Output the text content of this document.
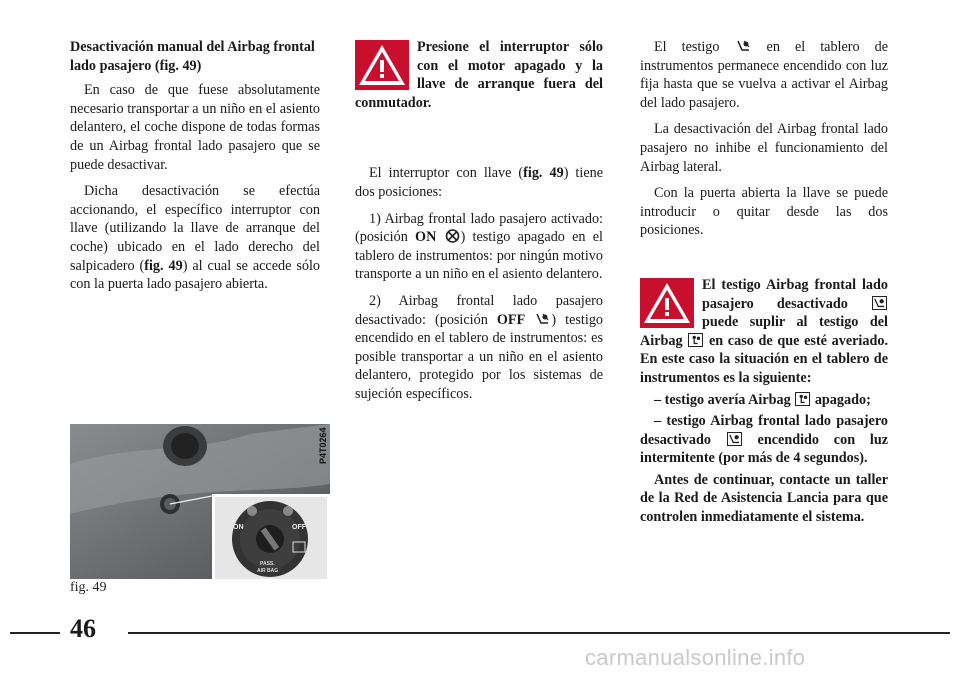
Desactivación manual del Airbag frontal lado pasajero (fig. 49)

En caso de que fuese absolutamente necesario transportar a un niño en el asiento delantero, el coche dispone de todas formas de un Airbag frontal lado pasajero que se puede desactivar.

Dicha desactivación se efectúa accionando, el específico interruptor con llave (utilizando la llave de arranque del coche) ubicado en el lado derecho del salpicadero (fig. 49) al cual se accede sólo con la puerta lado pasajero abierta.

Presione el interruptor sólo con el motor apagado y la llave de arranque fuera del conmutador.

El interruptor con llave (fig. 49) tiene dos posiciones:

1) Airbag frontal lado pasajero activado: (posición ON ) testigo apagado en el tablero de instrumentos: por ningún motivo transporte a un niño en el asiento delantero.

2) Airbag frontal lado pasajero desactivado: (posición OFF ) testigo encendido en el tablero de instrumentos: es posible transportar a un niño en el asiento delantero, protegido por los sistemas de sujeción específicos.

El testigo	en el tablero de instrumentos permanece encendido con luz fija hasta que se vuelva a activar el Airbag del lado pasajero.

La desactivación del Airbag frontal lado pasajero no inhibe el funcionamiento del Airbag lateral.

Con la puerta abierta la llave se puede introducir o quitar desde las dos posiciones.

El testigo Airbag frontal lado pasajero desactivado
puede suplir al testigo del Airbag en caso de que esté averiado. En este caso la situación en el tablero de instrumentos es la siguiente:

– testigo avería Airbag apagado;

– testigo Airbag frontal lado pasajero desactivado	encendido con luz intermitente (por más de 4 segundos).

Antes de continuar, contacte un taller de la Red de Asistencia Lancia para que controlen inmediatamente el sistema.

ON	OFF
PASS.
AIR BAG
P4T0264
fig. 49
46
carmanualsonline.info
